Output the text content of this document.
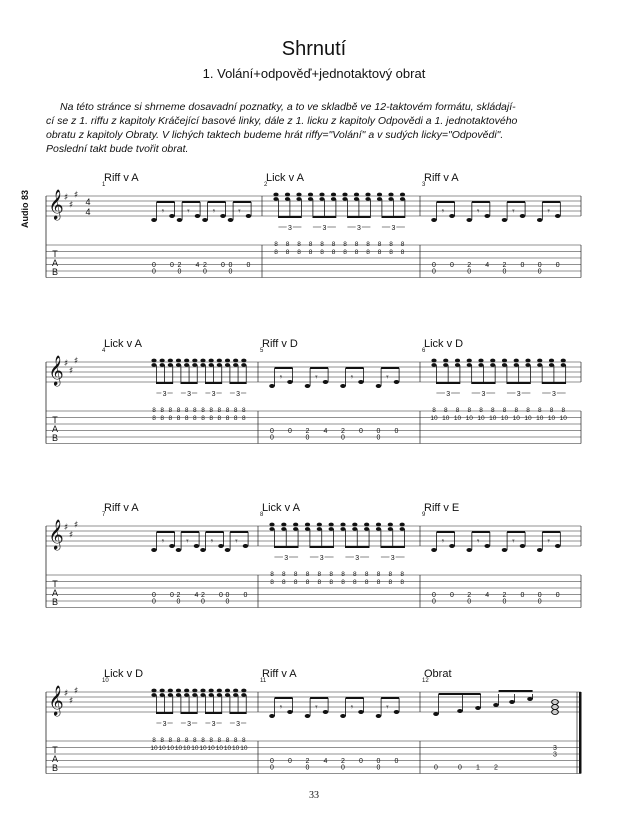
Shrnutí
1. Volání+odpověď+jednotaktový obrat

Na této stránce si shrneme dosavadní poznatky, a to ve skladbě ve 12-taktovém formátu, skládají-

cí se z 1. riffu z kapitoly Kráčející basové linky, dále z 1. licku z kapitoly Odpovědi a 1. jednotaktového

obratu z kapitoly Obraty. V lichých taktech budeme hrát riffy="Volání" a v sudých licky="Odpovědi".

Poslední takt bude tvořit obrat.

Audio 83
Riff v A	Lick v A	Riff v A
Lick v A	Riff v D	Lick v D
Riff v A	Lick v A	Riff v E
Lick v D	Riff v A	Obrat
𝄞 ♯
♯
♯
4
4
T
A
B
1
𝄾
0
0 0
𝄾
0
2 4
𝄾
0
2 0
𝄾
0
0 0
2
8
8
8
8
8
8
8
8
8
8
8
8
8
8
8
8
8
8
8
8
8
8
8
8
3	3	3	3
3
𝄾
0
0 0
𝄾
0
2 4
𝄾
0
2 0
𝄾
0
0 0
𝄞 ♯
♯
♯
T
A
B
4
8
8
8
8
8
8
8
8
8
8
8
8
8
8
8
8
8
8
8
8
8
8
8
8
3	3	3	3
5
𝄾
0
0 0
𝄾
0
2 4
𝄾
0
2 0
𝄾
0
0 0
6
8
10
8
10
8
10
8
10
8
10
8
10
8
10
8
10
8
10
8
10
8
10
8
10
3	3	3	3
𝄞 ♯
♯
♯
T
A
B
7
𝄾
0
0 0
𝄾
0
2 4
𝄾
0
2 0
𝄾
0
0 0
8
8
8
8
8
8
8
8
8
8
8
8
8
8
8
8
8
8
8
8
8
8
8
8
8
3	3	3	3
9
𝄾
0
0 0
𝄾
0
2 4
𝄾
0
2 0
𝄾
0
0 0
𝄞 ♯
♯
♯
T
A
B
10
8
10
8
10
8
10
8
10
8
10
8
10
8
10
8
10
8
10
8
10
8
10
8
10
3	3	3	3
11
𝄾
0
0 0
𝄾
0
2 4
𝄾
0
2 0
𝄾
0
0 0
12
0	0 1 2
3
3
33
